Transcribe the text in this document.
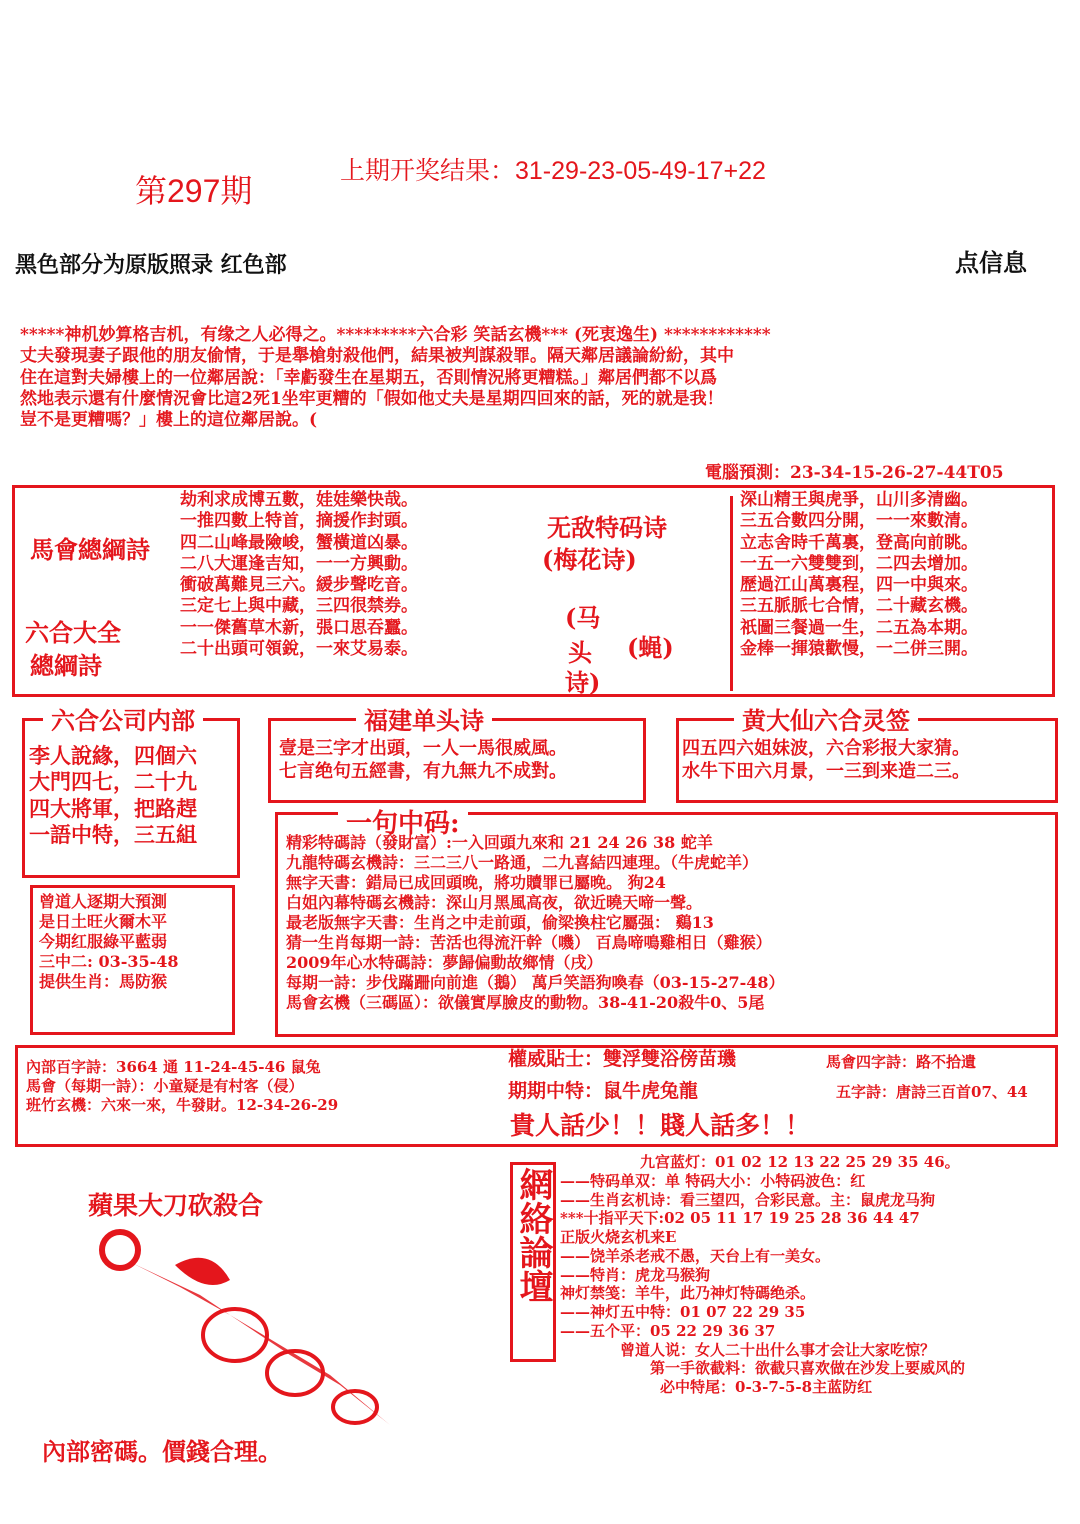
第297期
上期开奖结果：31-29-23-05-49-17+22
黑色部分为原版照录 红色部	点信息
*****神机妙算格吉机，有缘之人必得之。*********六合彩 笑話玄機*** (死衷逸生) ************
丈夫發現妻子跟他的朋友偷情，于是舉槍射殺他們，結果被判謀殺罪。隔天鄰居議論紛紛，其中
住在這對夫婦樓上的一位鄰居說：「幸虧發生在星期五，否則情況將更糟糕。」鄰居們都不以爲
然地表示還有什麼情況會比這2死1坐牢更糟的「假如他丈夫是星期四回來的話，死的就是我！
豈不是更糟嗎？」樓上的這位鄰居說。(
電腦預測：23-34-15-26-27-44T05
馬會總綱詩
六合大全
總綱詩
劫利求成博五數，娃娃樂快哉。
一推四數上特首，摘援作封頭。
四二山峰最險峻，蟹橫道凶暴。
二八大運逢吉知，一一方興動。
衝破萬難見三六。緩步聲吃音。
三定七上與中藏，三四很禁券。
一一傑舊草木新，張口思吞蠶。
二十出頭可領銳，一來艾易泰。
无敌特码诗
(梅花诗)
(马
头 (蝇)
诗)
深山精王與虎爭，山川多清幽。
三五合數四分開，一一來數清。
立志舍時千萬裏，登高向前眺。
一五一六雙雙到，二四去增加。
歷過江山萬裏程，四一中與來。
三五脈脈七合情，二十藏玄機。
祇圖三餐過一生，二五為本期。
金棒一揮猿歡慢，一二併三開。
六合公司内部
李人說緣，四個六
大門四七，二十九
四大將軍，把路趕
一語中特，三五組
福建单头诗
壹是三字才出頭，一人一馬很威風。
七言绝句五經書，有九無九不成對。
黄大仙六合灵签
四五四六姐妹波，六合彩报大家猜。
水牛下田六月景，一三到来造二三。
一句中码:
精彩特碼詩（發財富）:一入回頭九來和 21 24 26 38 蛇羊
九龍特碼玄機詩：三二三八一路通，二九喜結四連理。（牛虎蛇羊）
無字天書：錯局已成回頭晚，將功贖罪已屬晚。 狗24
白姐內幕特碼玄機詩：深山月黑風高夜，欲近曉天啼一聲。
最老版無字天書：生肖之中走前頭，偷梁換柱它屬强： 鷄13
猜一生肖每期一詩：苦活也得流汗幹（嘰） 百鳥啼鳴雞相日（雞猴）
2009年心水特碼詩：夢歸偏動故鄉情（戌）
每期一詩：步伐蹣跚向前進（鵝） 萬戶笑語狗喚春（03-15-27-48）
馬會玄機（三碼區）：欲儀實厚臉皮的動物。38-41-20殺牛0、5尾
曾道人逐期大預測
是日土旺火爾木平
今期红服綠平藍弱
三中二: 03-35-48
提供生肖：馬防猴
內部百字詩：3664 通 11-24-45-46 鼠兔
馬會（每期一詩）：小童疑是有村客（侵）
班竹玄機：六來一來，牛發財。12-34-26-29
權威貼士：雙浮雙浴傍苗璣	馬會四字詩：路不拾遺
期期中特：鼠牛虎兔龍	五字詩：唐詩三百首07、44
貴人話少！！賤人話多！！
蘋果大刀砍殺合
內部密碼。價錢合理。
網絡論壇
九宫蓝灯：01 02 12 13 22 25 29 35 46。
——特码单双：单 特码大小：小特码波色：红
——生肖玄机诗：看三望四，合彩民意。主：鼠虎龙马狗
***十指平天下:02 05 11 17 19 25 28 36 44 47
正版火烧玄机来E
——饶羊杀老戒不愚，天台上有一美女。
——特肖：虎龙马猴狗
神灯禁笺：羊牛，此乃神灯特碼绝杀。
——神灯五中特：01 07 22 29 35
——五个平：05 22 29 36 37
曾道人说：女人二十出什么事才会让大家吃惊？
第一手欲截料：欲截只喜欢做在沙发上要威风的
必中特尾：0-3-7-5-8主蓝防红
